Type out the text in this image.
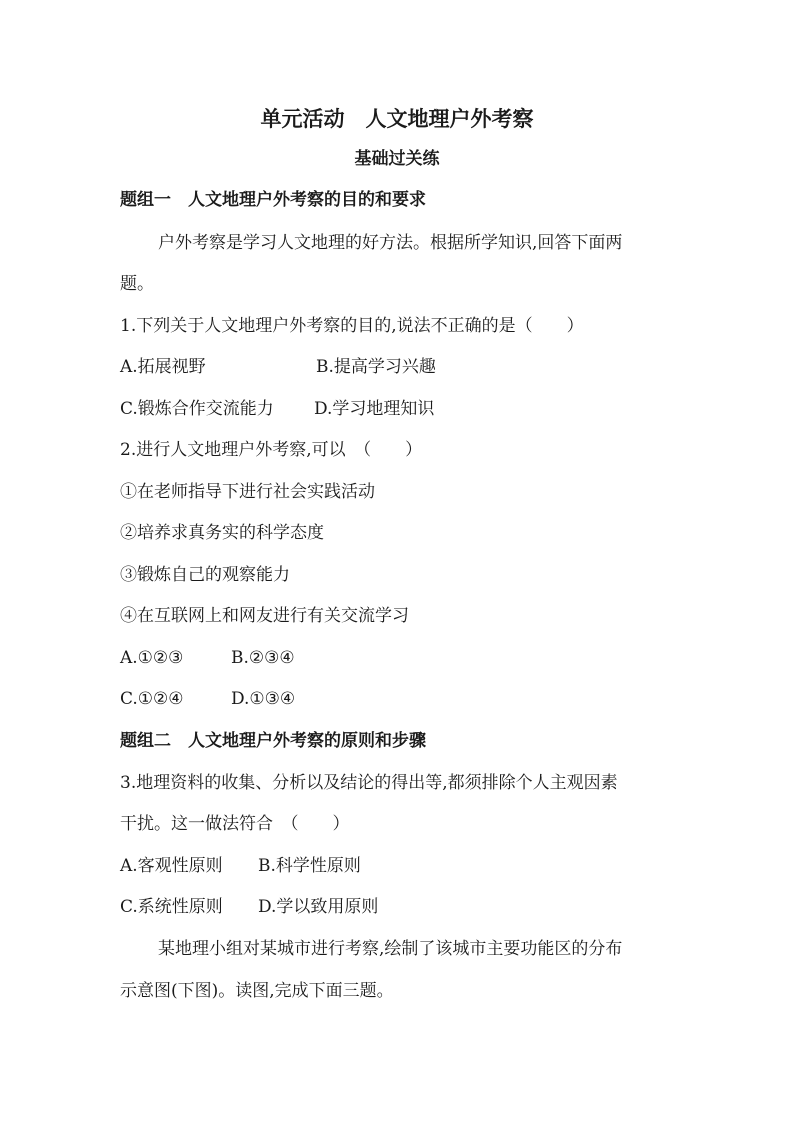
单元活动　人文地理户外考察
基础过关练
题组一　人文地理户外考察的目的和要求
户外考察是学习人文地理的好方法。根据所学知识,回答下面两
题。
1.下列关于人文地理户外考察的目的,说法不正确的是（　　）
A.拓展视野	B.提高学习兴趣
C.锻炼合作交流能力 D.学习地理知识
2.进行人文地理户外考察,可以　（　　）
①在老师指导下进行社会实践活动
②培养求真务实的科学态度
③锻炼自己的观察能力
④在互联网上和网友进行有关交流学习
A.①②③	B.②③④
C.①②④	D.①③④
题组二　人文地理户外考察的原则和步骤
3.地理资料的收集、分析以及结论的得出等,都须排除个人主观因素
干扰。这一做法符合　（　　）
A.客观性原则 B.科学性原则
C.系统性原则 D.学以致用原则
某地理小组对某城市进行考察,绘制了该城市主要功能区的分布
示意图(下图)。读图,完成下面三题。
